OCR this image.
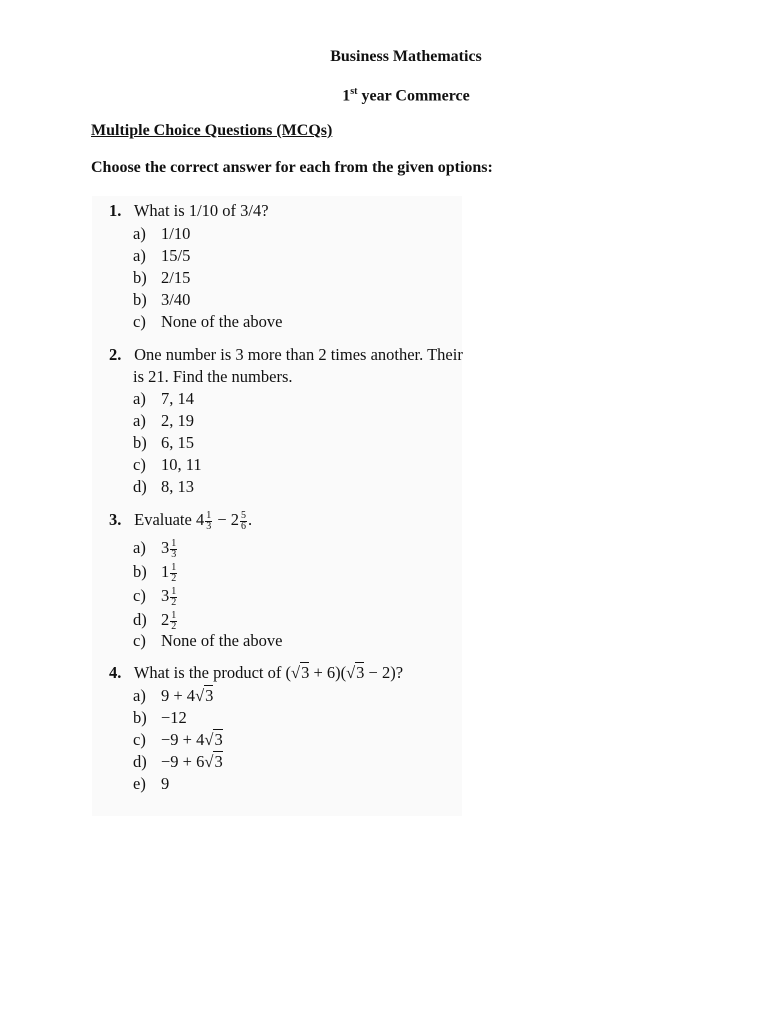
Business Mathematics
1st year Commerce
Multiple Choice Questions (MCQs)
Choose the correct answer for each from the given options:
1. What is 1/10 of 3/4?
a) 1/10
a) 15/5
b) 2/15
b) 3/40
c) None of the above
2. One number is 3 more than 2 times another. Their
is 21. Find the numbers.
a) 7, 14
a) 2, 19
b) 6, 15
c) 10, 11
d) 8, 13
3. Evaluate $4 \frac{1}{3} - 2 \frac{5}{6}$ .
a) $3 \frac{1}{3}$
b) $1 \frac{1}{2}$
c) $3 \frac{1}{2}$
d) $2 \frac{1}{2}$
c) None of the above
4. What is the product of (√3 + 6)(√3 − 2)?
a) 9 + 4√3
b) −12
c) −9 + 4√3
d) −9 + 6√3
e) 9
